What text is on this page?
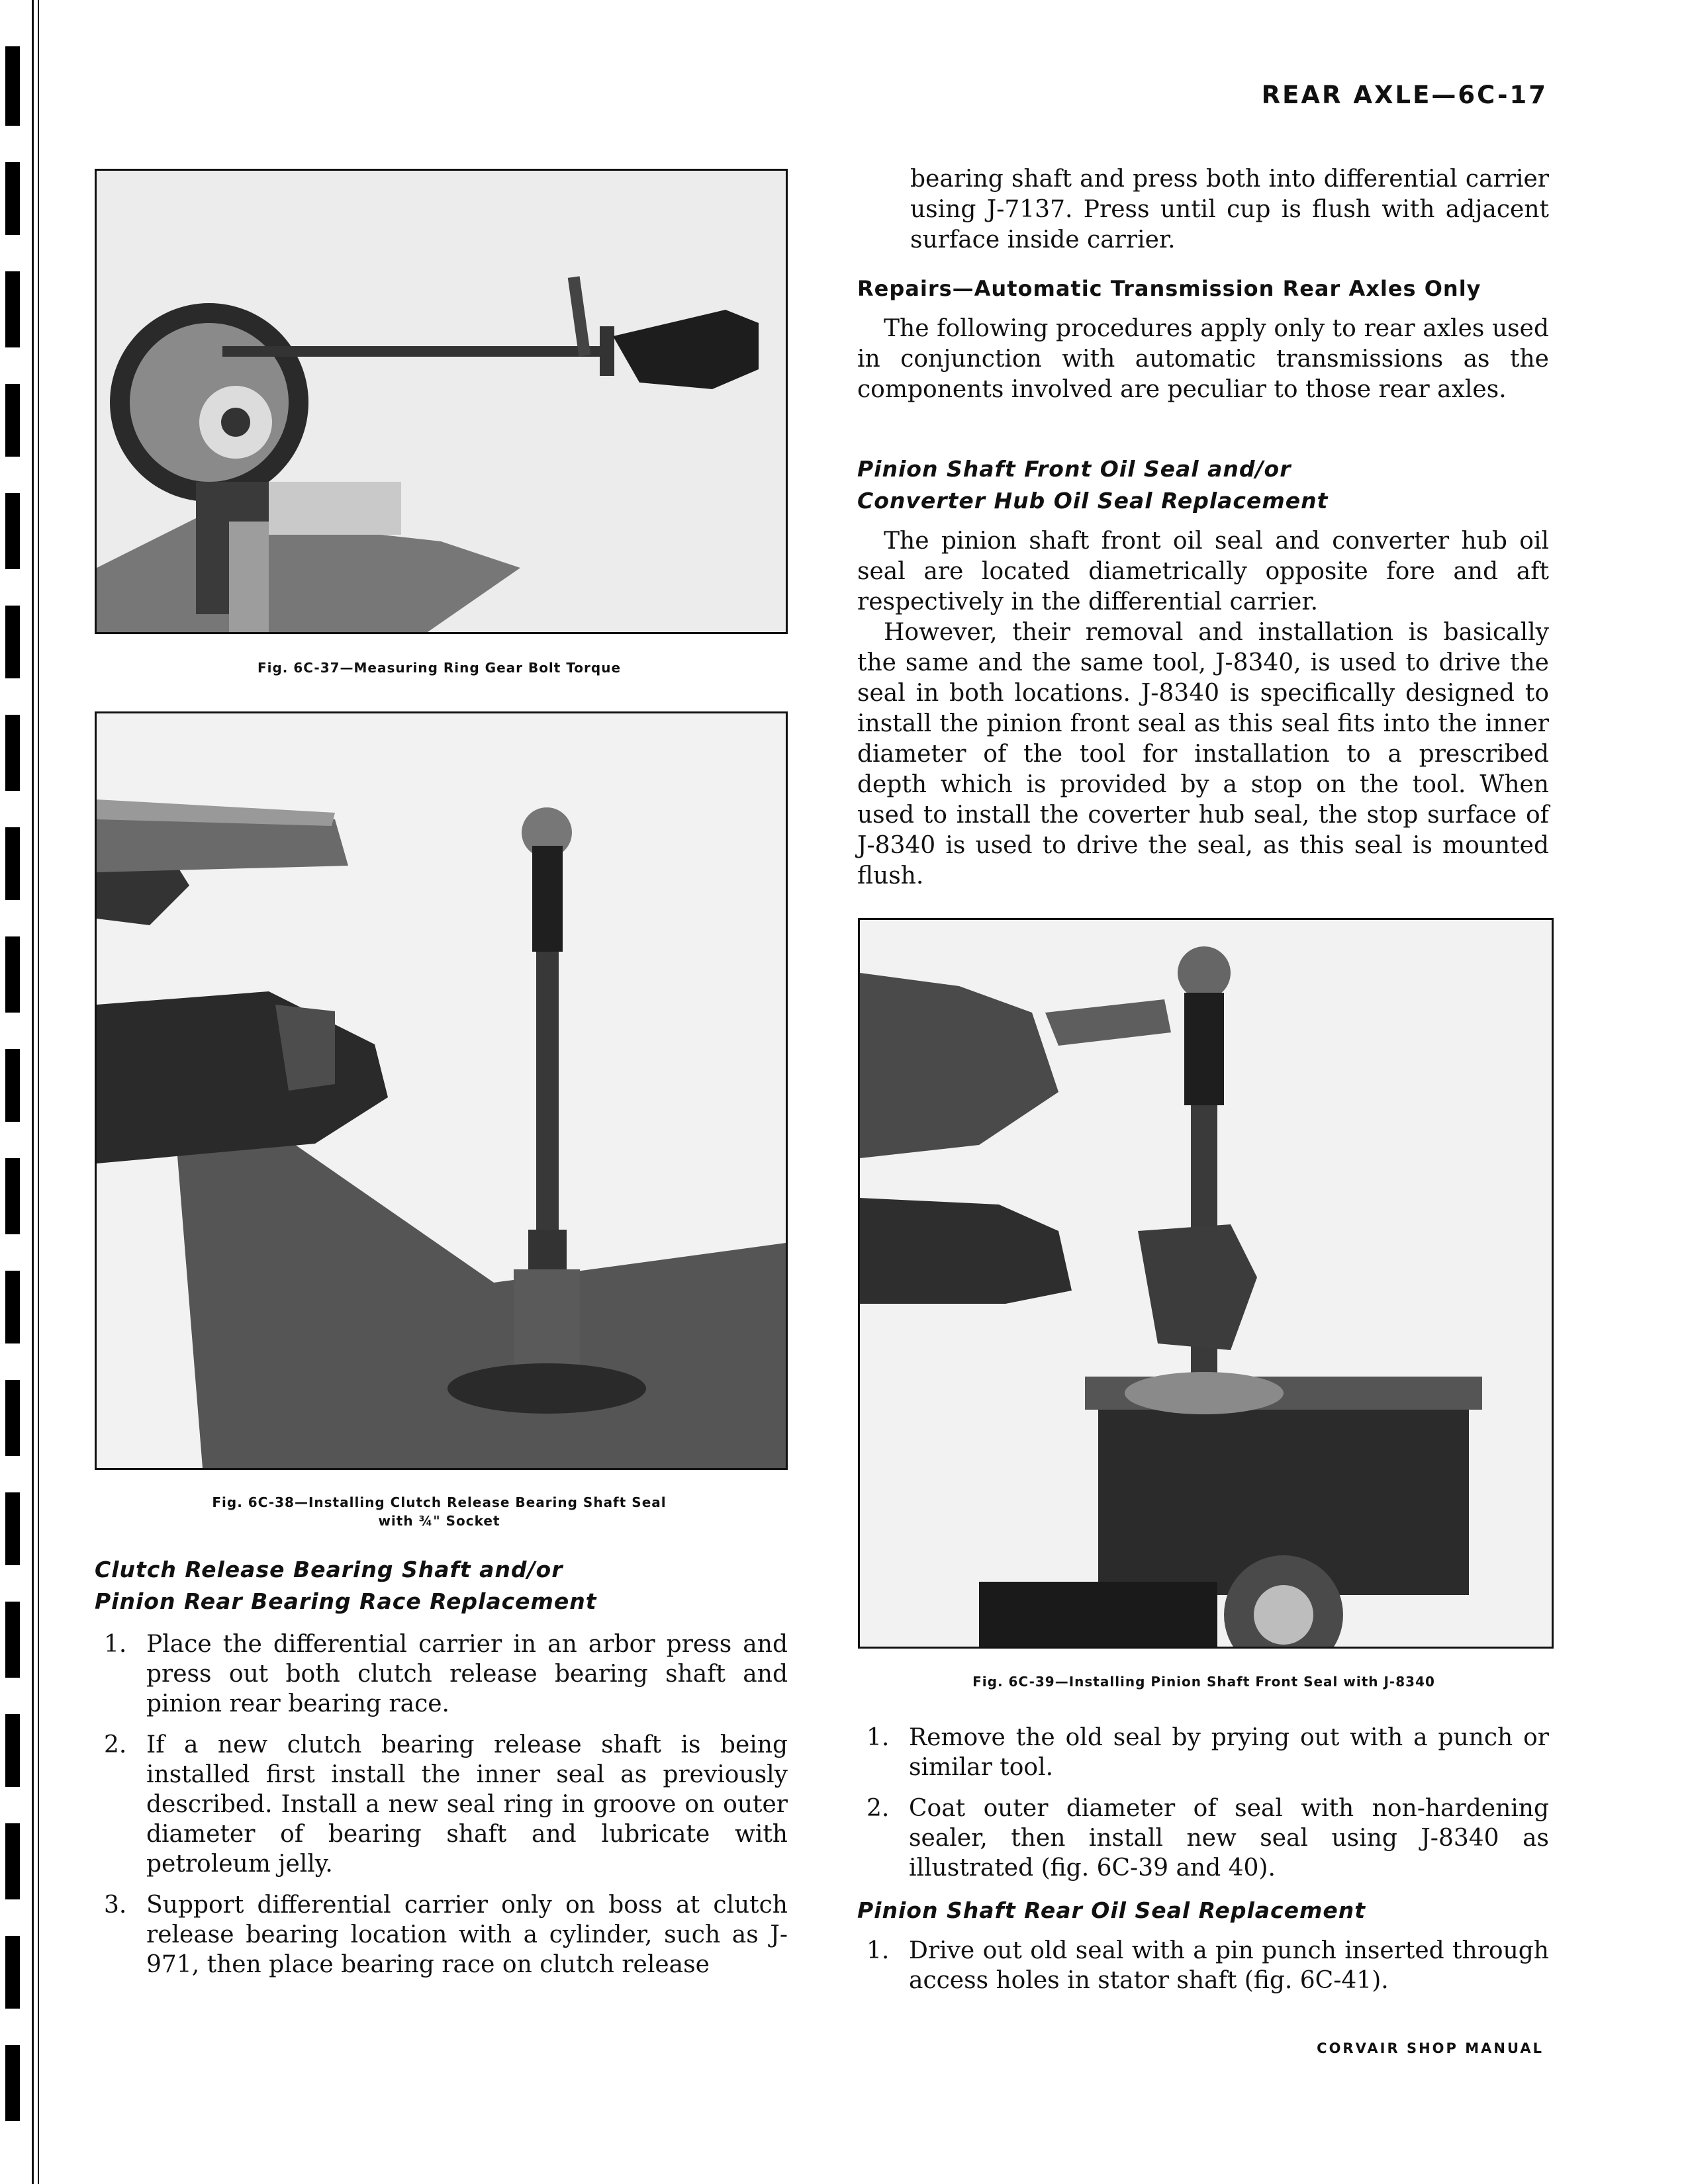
REAR AXLE—6C-17
Fig. 6C-37—Measuring Ring Gear Bolt Torque
Fig. 6C-38—Installing Clutch Release Bearing Shaft Seal
with ¾" Socket
Clutch Release Bearing Shaft and/or
Pinion Rear Bearing Race Replacement
1. Place the differential carrier in an arbor press and press out both clutch release bearing shaft and pinion rear bearing race.
2. If a new clutch bearing release shaft is being installed first install the inner seal as previously described. Install a new seal ring in groove on outer diameter of bearing shaft and lubricate with petroleum jelly.
3. Support differential carrier only on boss at clutch release bearing location with a cylinder, such as J-971, then place bearing race on clutch release

bearing shaft and press both into differential carrier using J-7137. Press until cup is flush with adjacent surface inside carrier.

Repairs—Automatic Transmission Rear Axles Only

The following procedures apply only to rear axles used in conjunction with automatic transmissions as the components involved are peculiar to those rear axles.

Pinion Shaft Front Oil Seal and/or
Converter Hub Oil Seal Replacement

The pinion shaft front oil seal and converter hub oil seal are located diametrically opposite fore and aft respectively in the differential carrier.

However, their removal and installation is basically the same and the same tool, J-8340, is used to drive the seal in both locations. J-8340 is specifically designed to install the pinion front seal as this seal fits into the inner diameter of the tool for installation to a prescribed depth which is provided by a stop on the tool. When used to install the coverter hub seal, the stop surface of J-8340 is used to drive the seal, as this seal is mounted flush.

Fig. 6C-39—Installing Pinion Shaft Front Seal with J-8340
1. Remove the old seal by prying out with a punch or similar tool.
2. Coat outer diameter of seal with non-hardening sealer, then install new seal using J-8340 as illustrated (fig. 6C-39 and 40).
Pinion Shaft Rear Oil Seal Replacement
1. Drive out old seal with a pin punch inserted through access holes in stator shaft (fig. 6C-41).
CORVAIR SHOP MANUAL
